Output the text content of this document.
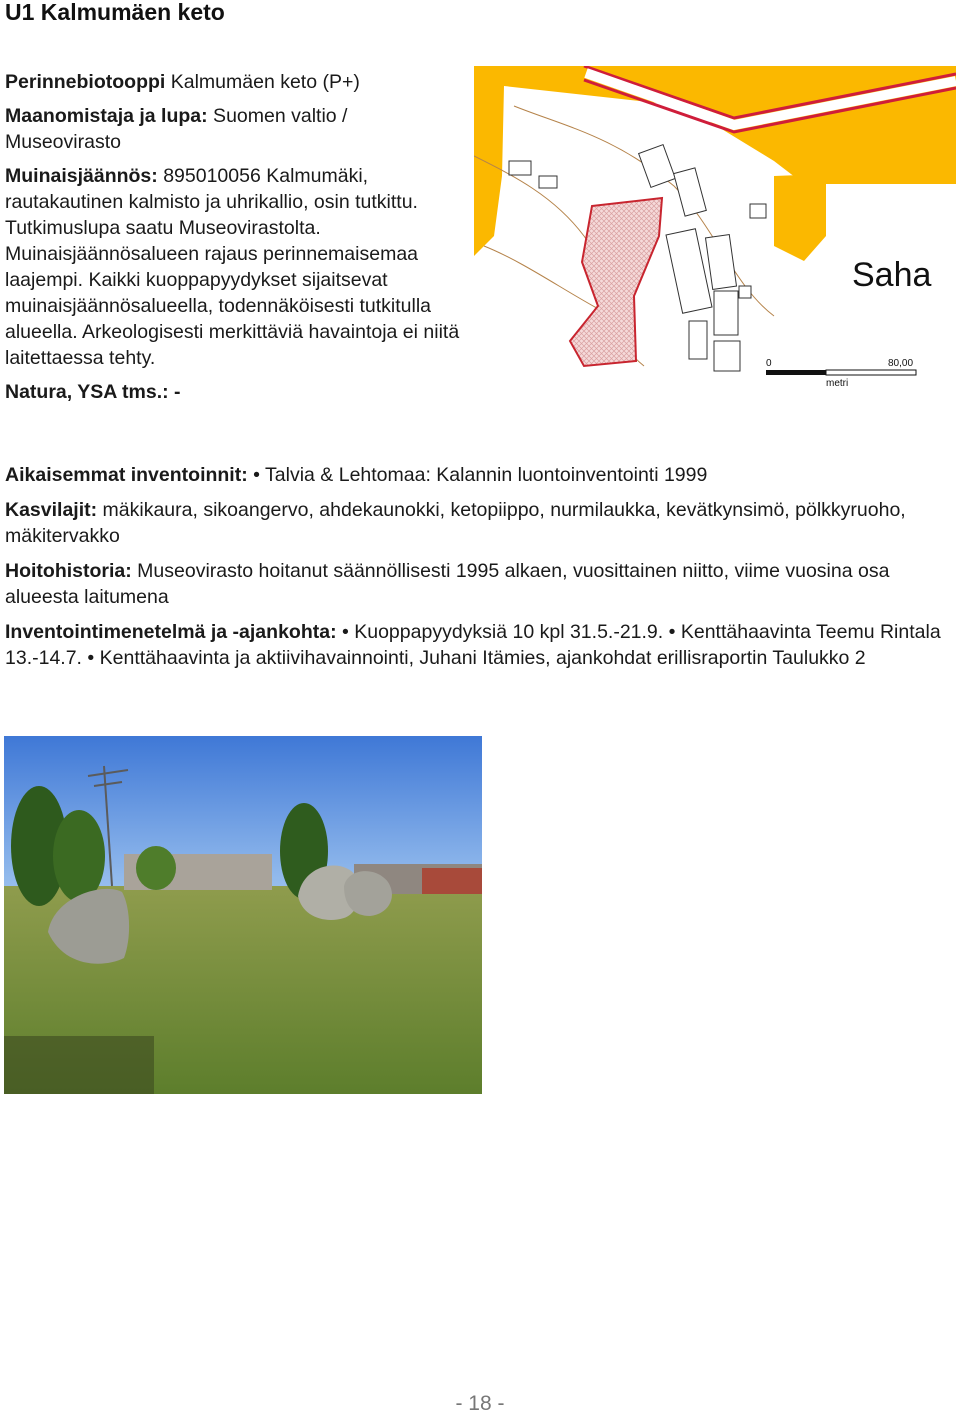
U1 Kalmumäen keto

Perinnebiotooppi Kalmumäen keto (P+)

Maanomistaja ja lupa: Suomen valtio / Museovirasto

Muinaisjäännös: 895010056 Kalmumäki, rautakautinen kalmisto ja uhrikallio, osin tutkittu. Tutkimuslupa saatu Museovirastolta. Muinaisjäännösalueen rajaus perinnemaisemaa laajempi. Kaikki kuoppapyydykset sijaitsevat muinaisjäännösalueella, todennäköisesti tutkitulla alueella. Arkeologisesti merkittäviä havaintoja ei niitä laitettaessa tehty.

Natura, YSA tms.: -

Saha
0	80,00
metri

Aikaisemmat inventoinnit: • Talvia & Lehtomaa: Kalannin luontoinventointi 1999

Kasvilajit: mäkikaura, sikoangervo, ahdekaunokki, ketopiippo, nurmilaukka, kevätkynsimö, pölkkyruoho, mäkitervakko

Hoitohistoria: Museovirasto hoitanut säännöllisesti 1995 alkaen, vuosittainen niitto, viime vuosina osa alueesta laitumena

Inventointimenetelmä ja -ajankohta: • Kuoppapyydyksiä 10 kpl 31.5.-21.9. • Kenttähaavinta Teemu Rintala 13.-14.7. • Kenttähaavinta ja aktiivihavainnointi, Juhani Itämies, ajankohdat erillisraportin Taulukko 2

- 18 -
